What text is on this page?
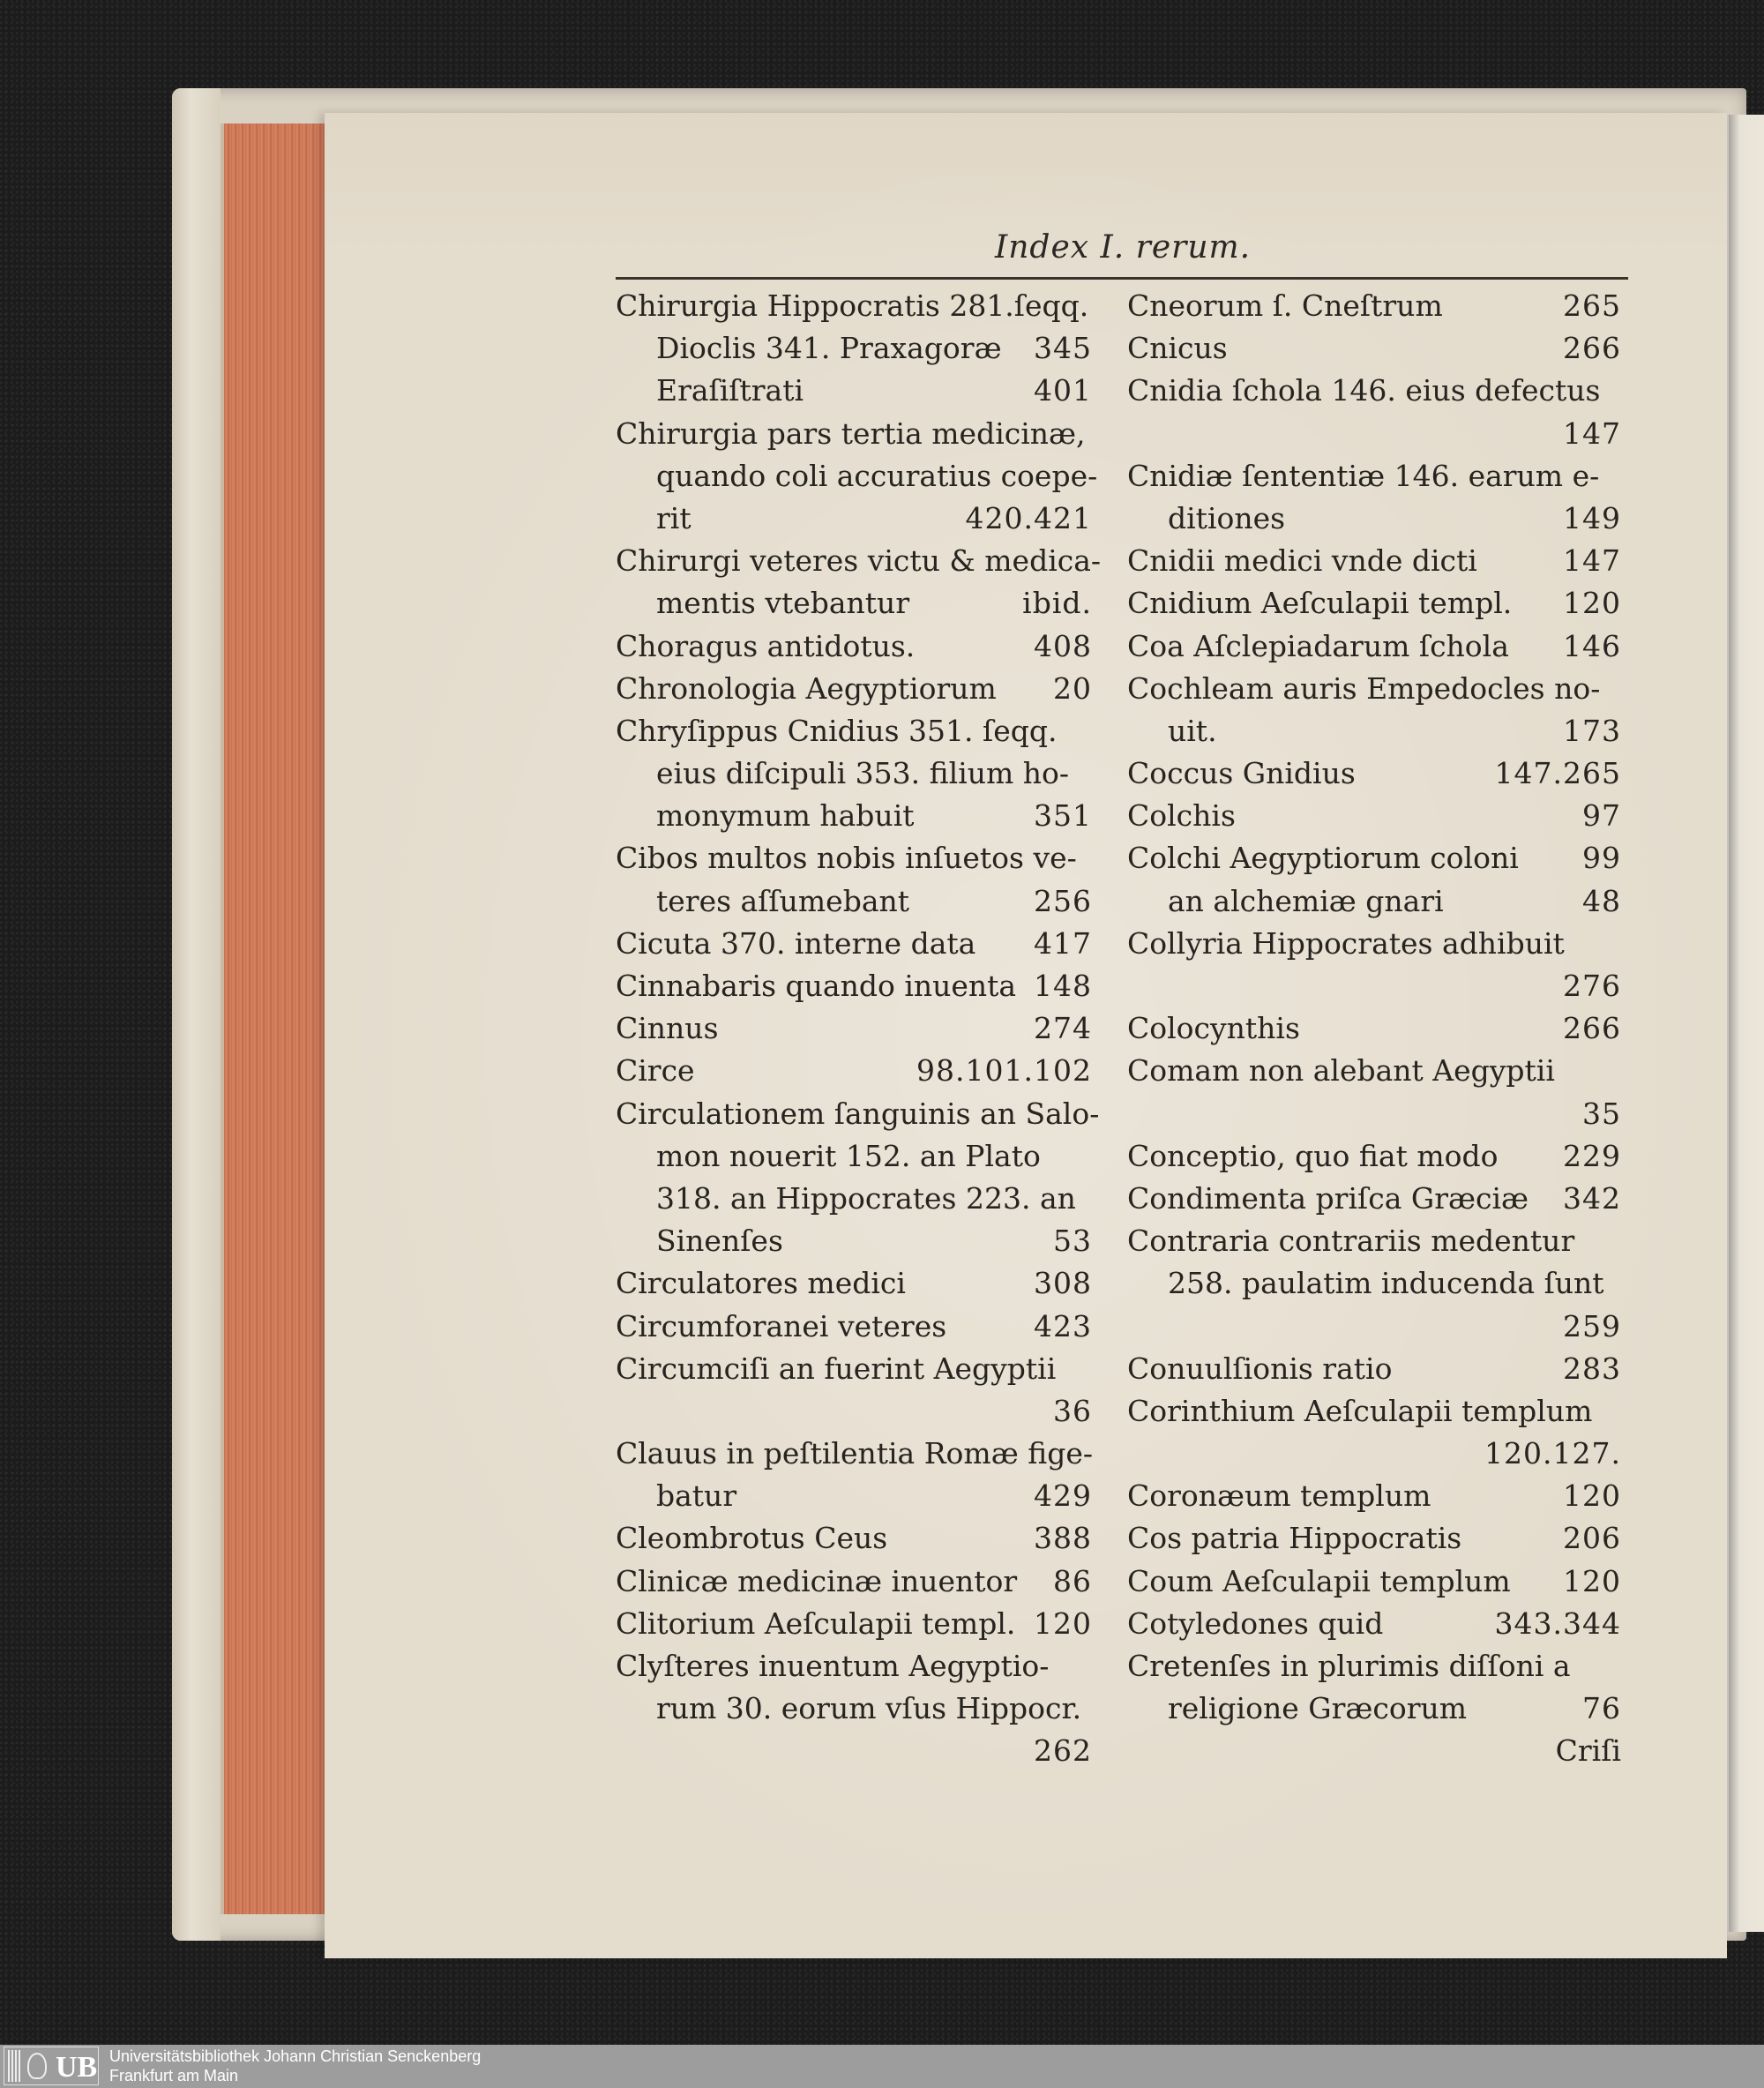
Index I. rerum.
Chirurgia Hippocratis 281.ſeqq.
Dioclis 341. Praxagoræ 345
Eraſiſtrati	401
Chirurgia pars tertia medicinæ,
quando coli accuratius coepe-
rit	420.421
Chirurgi veteres victu & medica-
mentis vtebantur	ibid.
Choragus antidotus.	408
Chronologia Aegyptiorum 20
Chryſippus Cnidius 351. ſeqq.
eius diſcipuli 353. filium ho-
monymum habuit	351
Cibos multos nobis inſuetos ve-
teres aſſumebant	256
Cicuta 370. interne data 417
Cinnabaris quando inuenta 148
Cinnus	274
Circe	98.101.102
Circulationem ſanguinis an Salo-
mon nouerit 152. an Plato
318. an Hippocrates 223. an
Sinenſes	53
Circulatores medici	308
Circumforanei veteres	423
Circumciſi an fuerint Aegyptii
36
Clauus in peſtilentia Romæ fige-
batur	429
Cleombrotus Ceus	388
Clinicæ medicinæ inuentor 86
Clitorium Aeſculapii templ. 120
Clyſteres inuentum Aegyptio-
rum 30. eorum vſus Hippocr.
262
Cneorum ſ. Cneſtrum	265
Cnicus	266
Cnidia ſchola 146. eius defectus
147
Cnidiæ ſententiæ 146. earum e-
ditiones	149
Cnidii medici vnde dicti	147
Cnidium Aeſculapii templ. 120
Coa Aſclepiadarum ſchola 146
Cochleam auris Empedocles no-
uit.	173
Coccus Gnidius	147.265
Colchis	97
Colchi Aegyptiorum coloni 99
an alchemiæ gnari	48
Collyria Hippocrates adhibuit
276
Colocynthis	266
Comam non alebant Aegyptii
35
Conceptio, quo fiat modo 229
Condimenta priſca Græciæ 342
Contraria contrariis medentur
258. paulatim inducenda ſunt
259
Conuulſionis ratio	283
Corinthium Aeſculapii templum
120.127.
Coronæum templum	120
Cos patria Hippocratis	206
Coum Aeſculapii templum 120
Cotyledones quid	343.344
Cretenſes in plurimis diſſoni a
religione Græcorum	76
Criſi
UB Universitätsbibliothek Johann Christian Senckenberg
Frankfurt am Main
